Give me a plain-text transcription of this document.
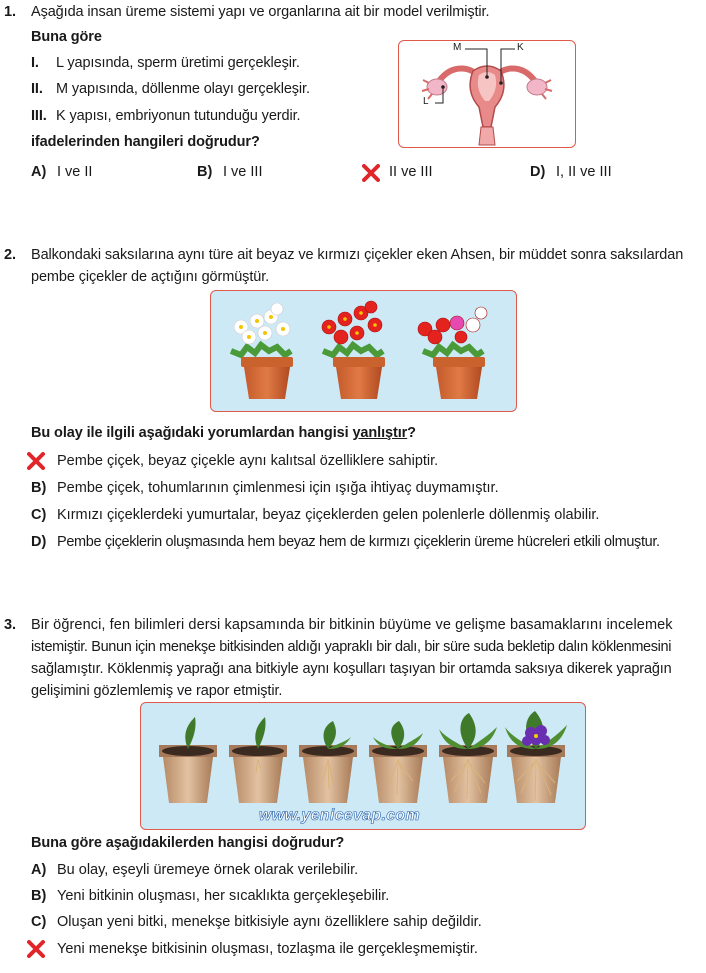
1. Aşağıda insan üreme sistemi yapı ve organlarına ait bir model verilmiştir.
Buna göre
I. L yapısında, sperm üretimi gerçekleşir.
II. M yapısında, döllenme olayı gerçekleşir.
III. K yapısı, embriyonun tutunduğu yerdir.
ifadelerinden hangileri doğrudur?
M	K
L
A) I ve II	B) I ve III	II ve III	D) I, II ve III
2. Balkondaki saksılarına aynı türe ait beyaz ve kırmızı çiçekler eken Ahsen, bir müddet sonra saksılardan
pembe çiçekler de açtığını görmüştür.
Bu olay ile ilgili aşağıdaki yorumlardan hangisi yanlıştır?
Pembe çiçek, beyaz çiçekle aynı kalıtsal özelliklere sahiptir.
B) Pembe çiçek, tohumlarının çimlenmesi için ışığa ihtiyaç duymamıştır.
C) Kırmızı çiçeklerdeki yumurtalar, beyaz çiçeklerden gelen polenlerle döllenmiş olabilir.
D) Pembe çiçeklerin oluşmasında hem beyaz hem de kırmızı çiçeklerin üreme hücreleri etkili olmuştur.
3. Bir öğrenci, fen bilimleri dersi kapsamında bir bitkinin büyüme ve gelişme basamaklarını incelemek
istemiştir. Bunun için menekşe bitkisinden aldığı yapraklı bir dalı, bir süre suda bekletip dalın köklenmesini
sağlamıştır. Köklenmiş yaprağı ana bitkiyle aynı koşulları taşıyan bir ortamda saksıya dikerek yaprağın
gelişimini gözlemlemiş ve rapor etmiştir.
www.yenicevap.com
Buna göre aşağıdakilerden hangisi doğrudur?
A) Bu olay, eşeyli üremeye örnek olarak verilebilir.
B) Yeni bitkinin oluşması, her sıcaklıkta gerçekleşebilir.
C) Oluşan yeni bitki, menekşe bitkisiyle aynı özelliklere sahip değildir.
Yeni menekşe bitkisinin oluşması, tozlaşma ile gerçekleşmemiştir.
